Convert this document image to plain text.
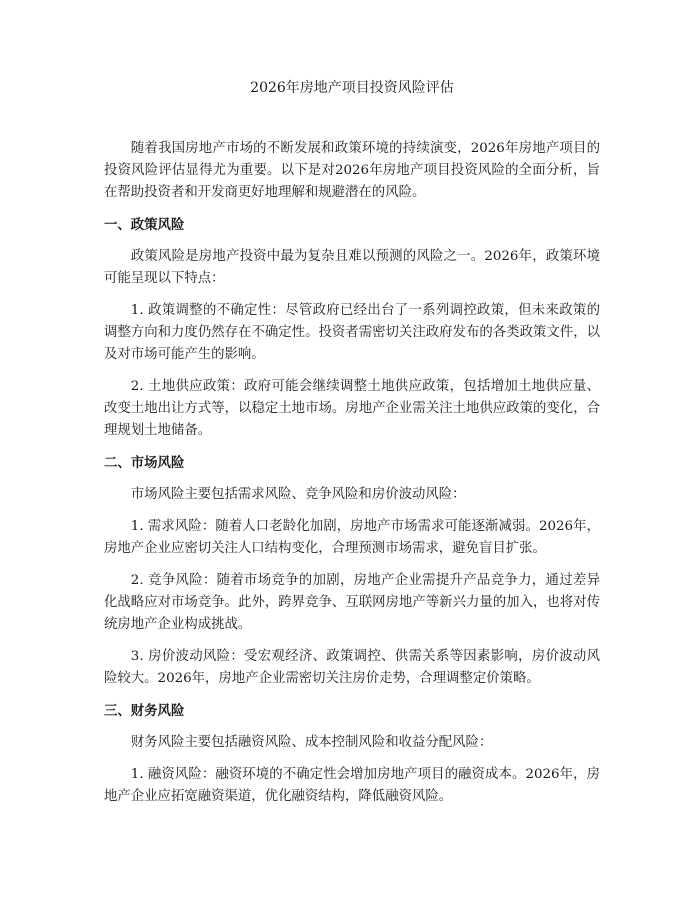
2026年房地产项目投资风险评估

随着我国房地产市场的不断发展和政策环境的持续演变，2026年房地产项目的投资风险评估显得尤为重要。以下是对2026年房地产项目投资风险的全面分析，旨在帮助投资者和开发商更好地理解和规避潜在的风险。

一、政策风险

政策风险是房地产投资中最为复杂且难以预测的风险之一。2026年，政策环境可能呈现以下特点：

1. 政策调整的不确定性：尽管政府已经出台了一系列调控政策，但未来政策的调整方向和力度仍然存在不确定性。投资者需密切关注政府发布的各类政策文件，以及对市场可能产生的影响。

2. 土地供应政策：政府可能会继续调整土地供应政策，包括增加土地供应量、改变土地出让方式等，以稳定土地市场。房地产企业需关注土地供应政策的变化，合理规划土地储备。

二、市场风险

市场风险主要包括需求风险、竞争风险和房价波动风险：

1. 需求风险：随着人口老龄化加剧，房地产市场需求可能逐渐减弱。2026年，房地产企业应密切关注人口结构变化，合理预测市场需求，避免盲目扩张。

2. 竞争风险：随着市场竞争的加剧，房地产企业需提升产品竞争力，通过差异化战略应对市场竞争。此外，跨界竞争、互联网房地产等新兴力量的加入，也将对传统房地产企业构成挑战。

3. 房价波动风险：受宏观经济、政策调控、供需关系等因素影响，房价波动风险较大。2026年，房地产企业需密切关注房价走势，合理调整定价策略。

三、财务风险

财务风险主要包括融资风险、成本控制风险和收益分配风险：

1. 融资风险：融资环境的不确定性会增加房地产项目的融资成本。2026年，房地产企业应拓宽融资渠道，优化融资结构，降低融资风险。
